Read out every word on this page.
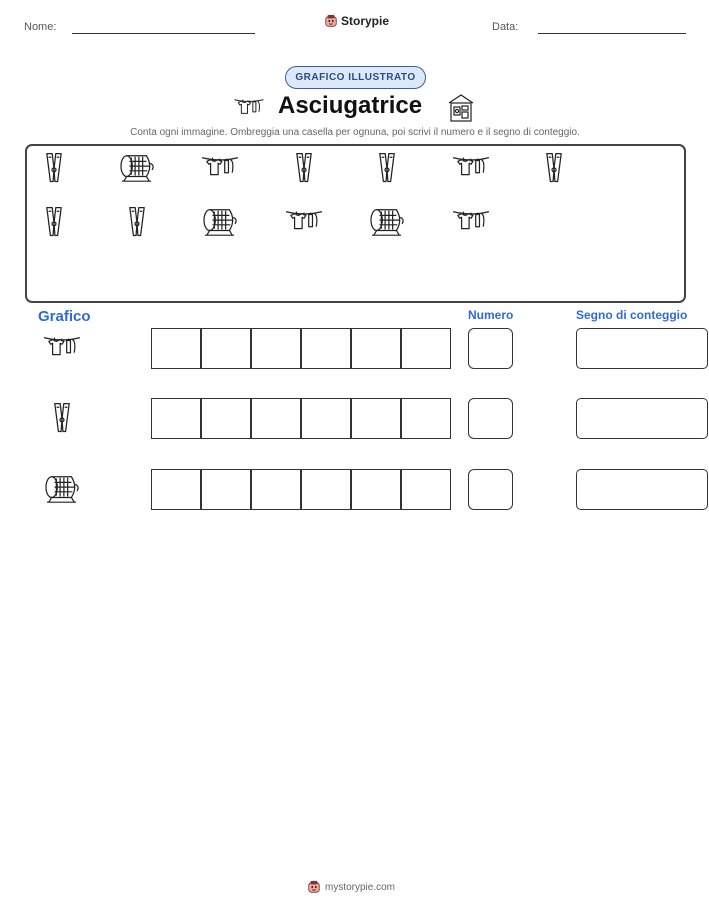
Nome:	Storypie	Data:
GRAFICO ILLUSTRATO
Asciugatrice
Conta ogni immagine. Ombreggia una casella per ognuna, poi scrivi il numero e il segno di conteggio.
Grafico	Numero	Segno di conteggio
mystorypie.com
